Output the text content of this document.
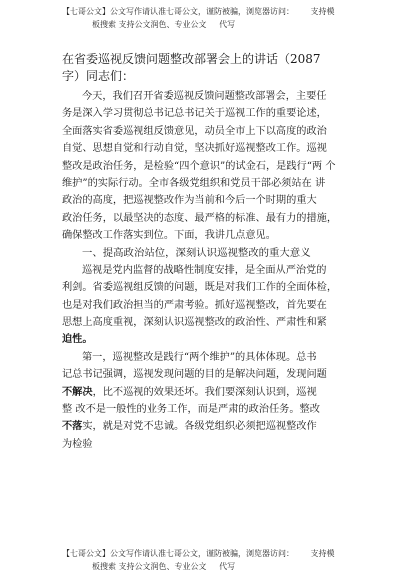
【七哥公文】公文写作请认准七哥公文，谨防被骗，浏览器访问： 支持模
板搜索 支持公文润色、专业公文 代写
在省委巡视反馈问题整改部署会上的讲话（2087
字）同志们：
今天，我们召开省委巡视反馈问题整改部署会，主要任
务是深入学习贯彻总书记总书记关于巡视工作的重要论述，
全面落实省委巡视组反馈意见，动员全市上下以高度的政治
自觉、思想自觉和行动自觉，坚决抓好巡视整改工作。巡视
整改是政治任务，是检验“四个意识”的试金石，是践行“两 个
维护”的实际行动。全市各级党组织和党员干部必须站在 讲
政治的高度，把巡视整改作为当前和今后一个时期的重大
政治任务，以最坚决的态度、最严格的标准、最有力的措施，
确保整改工作落实到位。下面，我讲几点意见。
一、提高政治站位，深刻认识巡视整改的重大意义
巡视是党内监督的战略性制度安排，是全面从严治党的
利剑。省委巡视组反馈的问题，既是对我们工作的全面体检，
也是对我们政治担当的严肃考验。抓好巡视整改，首先要在
思想上高度重视，深刻认识巡视整改的政治性、严肃性和紧
迫性。
第一，巡视整改是践行“两个维护”的具体体现。总书
记总书记强调，巡视发现问题的目的是解决问题，发现问题
不解决，比不巡视的效果还坏。我们要深刻认识到，巡视
整 改不是一般性的业务工作，而是严肃的政治任务。整改
不落实，就是对党不忠诚。各级党组织必须把巡视整改作
为检验
【七哥公文】公文写作请认准七哥公文，谨防被骗，浏览器访问： 支持模
板搜索 支持公文润色、专业公文 代写
